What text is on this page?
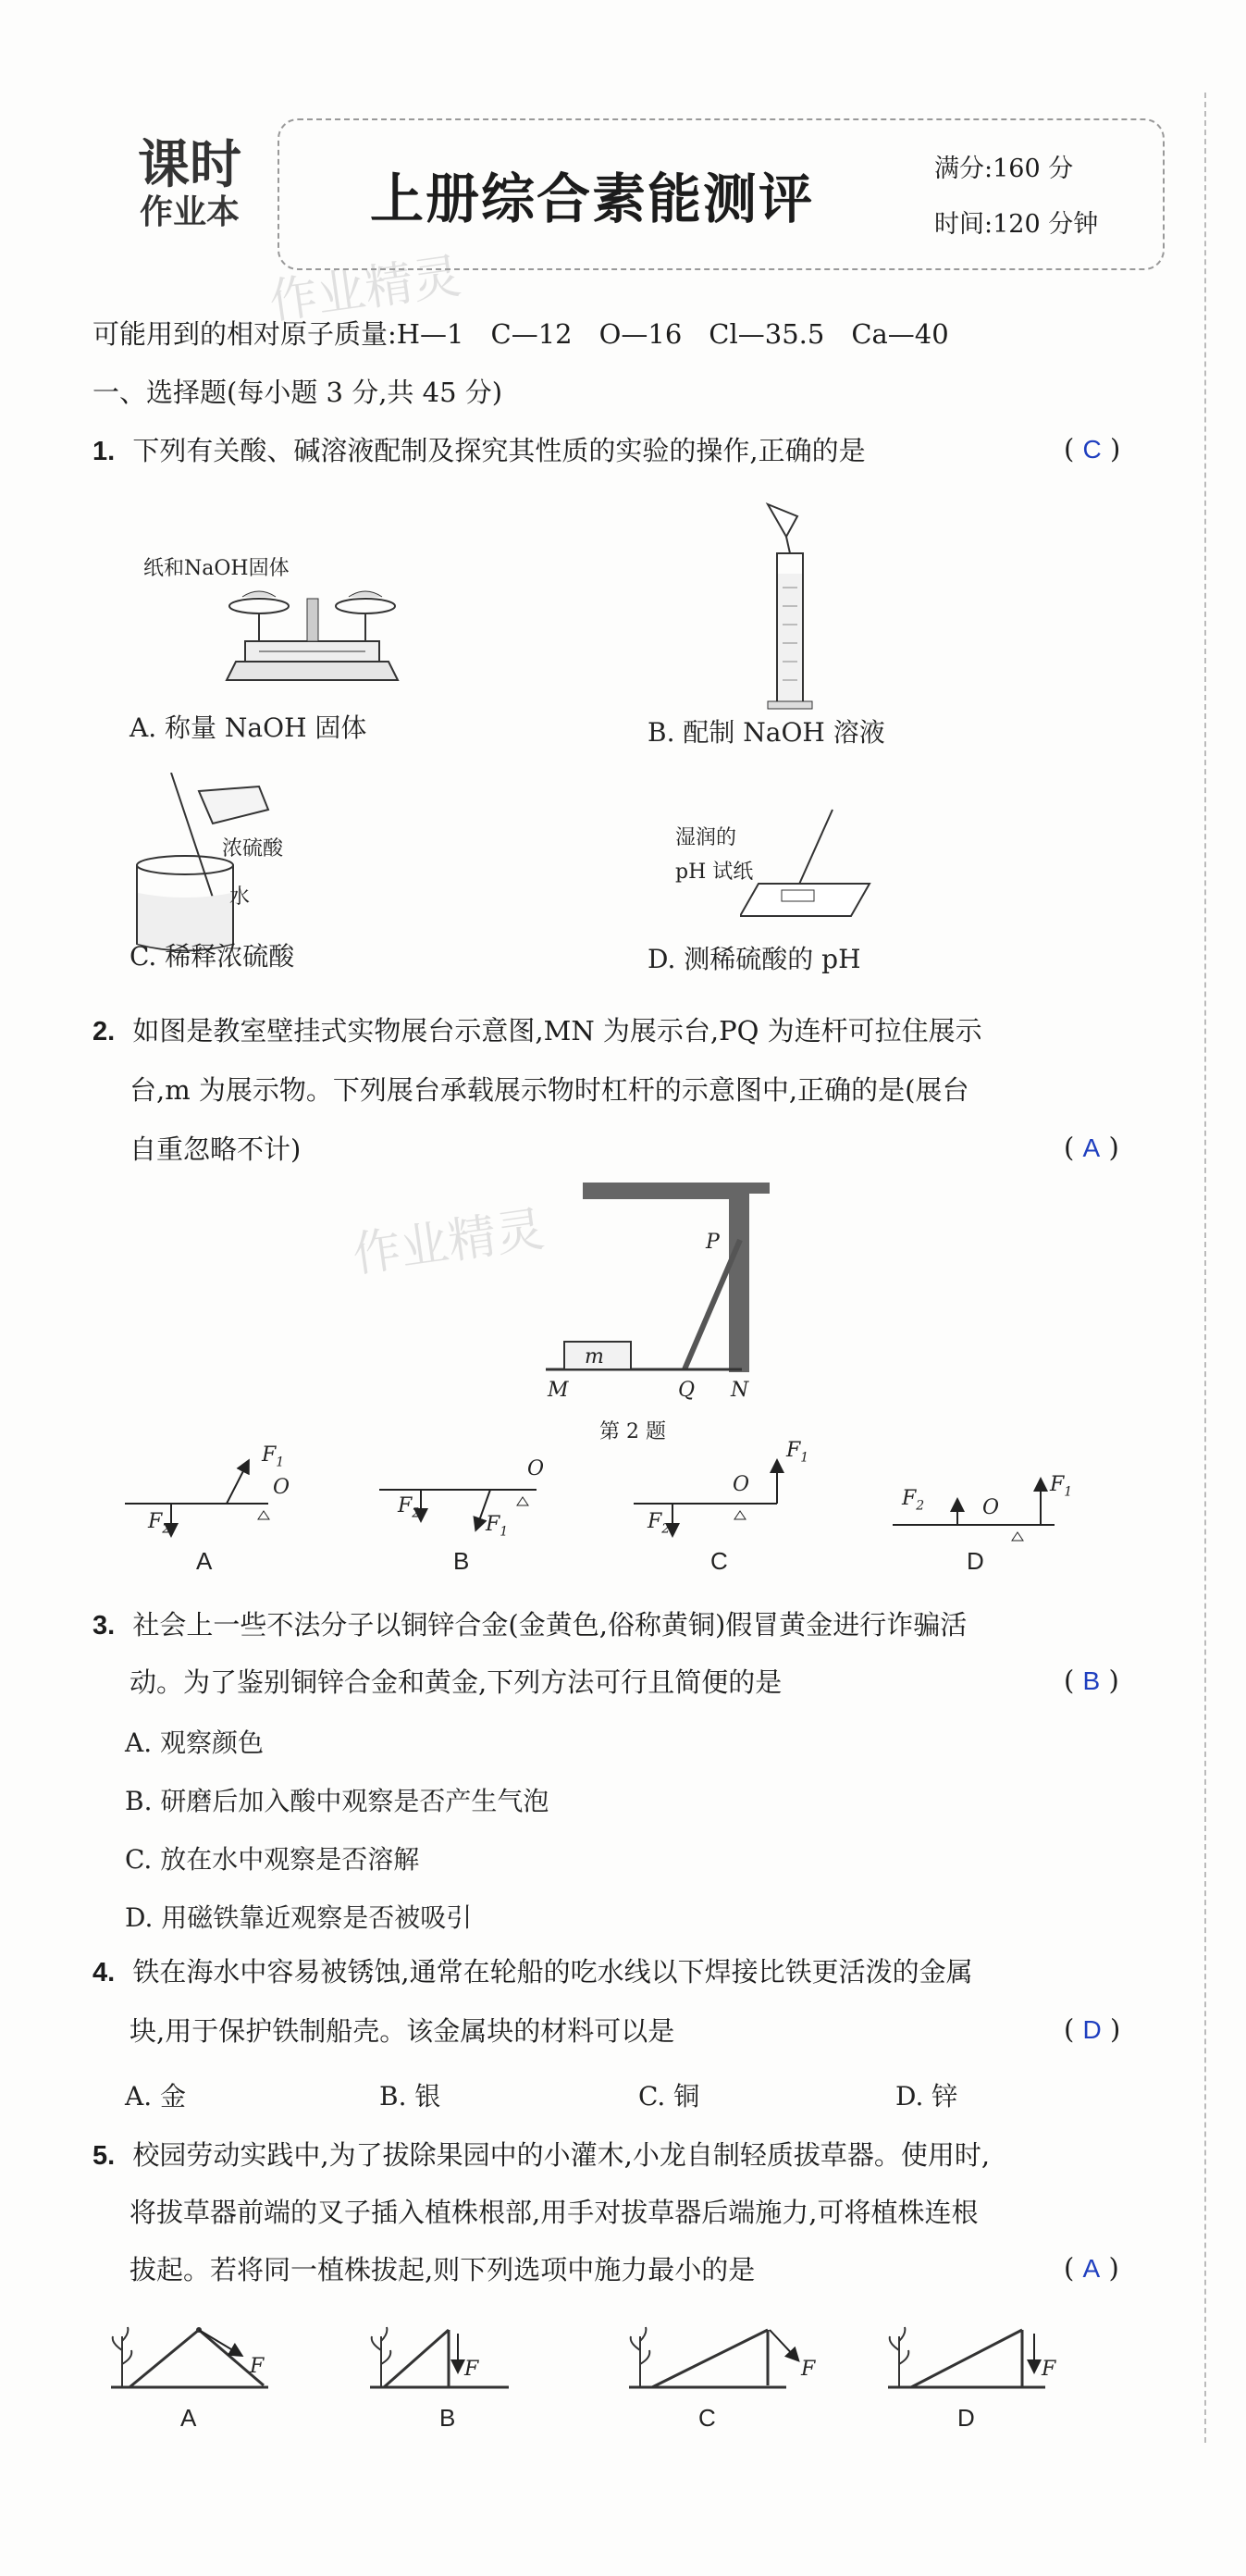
课时
作业本	上册综合素能测评	满分:160 分
时间:120 分钟
作业精灵
可能用到的相对原子质量:H—1　C—12　O—16　Cl—35.5　Ca—40
一、选择题(每小题 3 分,共 45 分)
1. 下列有关酸、碱溶液配制及探究其性质的实验的操作,正确的是	( C )
纸和NaOH固体
A. 称量 NaOH 固体	B. 配制 NaOH 溶液
浓硫酸
水
C. 稀释浓硫酸
湿润的
pH 试纸
D. 测稀硫酸的 pH
2. 如图是教室壁挂式实物展台示意图,MN 为展示台,PQ 为连杆可拉住展示
台,m 为展示物。下列展台承载展示物时杠杆的示意图中,正确的是(展台
自重忽略不计)	( A )
作业精灵
m
M	Q N
P
第 2 题
$F_1$
$F_2$
O
O
$F_2$	$F_1$
$F_1$
O
$F_2$
$F_2$	O
$F_1$
A	B	C	D
3. 社会上一些不法分子以铜锌合金(金黄色,俗称黄铜)假冒黄金进行诈骗活
动。为了鉴别铜锌合金和黄金,下列方法可行且简便的是	( B )
A. 观察颜色
B. 研磨后加入酸中观察是否产生气泡
C. 放在水中观察是否溶解
D. 用磁铁靠近观察是否被吸引
4. 铁在海水中容易被锈蚀,通常在轮船的吃水线以下焊接比铁更活泼的金属
块,用于保护铁制船壳。该金属块的材料可以是	( D )
A. 金	B. 银	C. 铜	D. 锌
5. 校园劳动实践中,为了拔除果园中的小灌木,小龙自制轻质拔草器。使用时,
将拔草器前端的叉子插入植株根部,用手对拔草器后端施力,可将植株连根
拔起。若将同一植株拔起,则下列选项中施力最小的是	( A )
F	F	F	F
A	B	C	D
